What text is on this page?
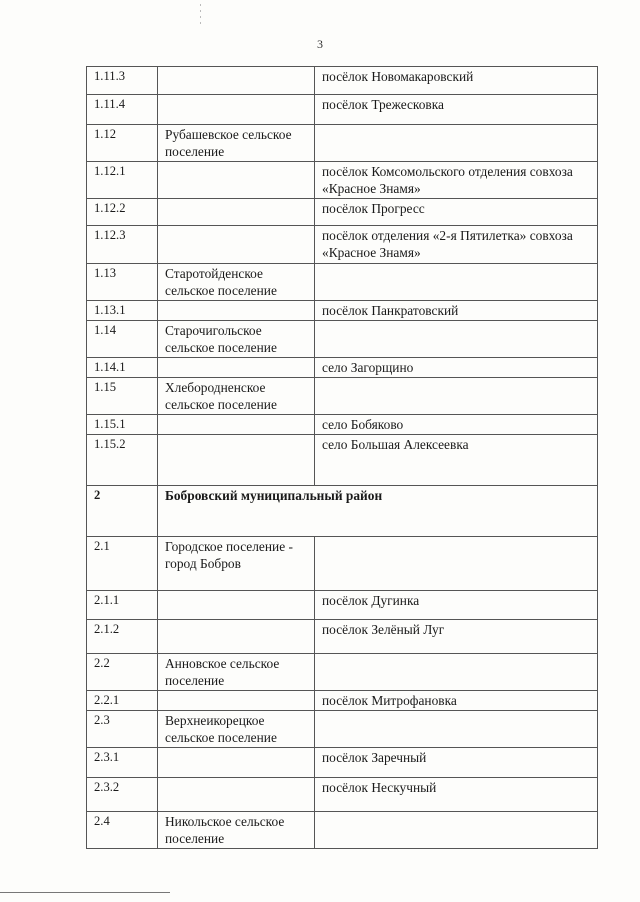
3
1.11.3		посёлок Новомакаровский
1.11.4		посёлок Трежесковка
1.12	Рубашевское сельское поселение	
1.12.1		посёлок Комсомольского отделения совхоза «Красное Знамя»
1.12.2		посёлок Прогресс
1.12.3		посёлок отделения «2-я Пятилетка» совхоза «Красное Знамя»
1.13	Старотойденское сельское поселение	
1.13.1		посёлок Панкратовский
1.14	Старочигольское сельское поселение	
1.14.1		село Загорщино
1.15	Хлебородненское сельское поселение	
1.15.1		село Бобяково
1.15.2		село Большая Алексеевка
2	Бобровский муниципальный район	
2.1	Городское поселение - город Бобров	
2.1.1		посёлок Дугинка
2.1.2		посёлок Зелёный Луг
2.2	Анновское сельское поселение	
2.2.1		посёлок Митрофановка
2.3	Верхнеикорецкое сельское поселение	
2.3.1		посёлок Заречный
2.3.2		посёлок Нескучный
2.4	Никольское сельское поселение	
